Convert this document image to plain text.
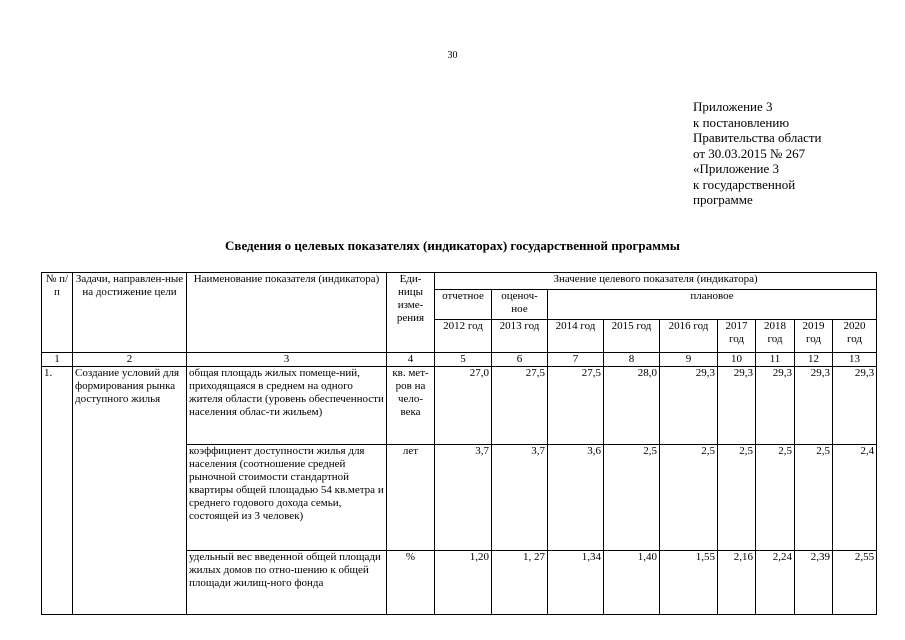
30
Приложение 3
к постановлению
Правительства области
от 30.03.2015 № 267
«Приложение 3
к государственной
программе
Сведения о целевых показателях (индикаторах) государственной программы
№ п/п	Задачи, направлен-ные на достижение цели	Наименование показателя (индикатора)	Еди-ницы изме-рения	Значение целевого показателя (индикатора)								
				отчетное	оценоч-ное	плановое						
				2012 год	2013 год	2014 год	2015 год	2016 год	2017 год	2018 год	2019 год	2020 год
1	2	3	4	5	6	7	8	9	10	11	12	13
1.	Создание условий для формирования рынка доступного жилья	общая площадь жилых помеще-ний, приходящаяся в среднем на одного жителя области (уровень обеспеченности населения облас-ти жильем)	кв. мет-ров на чело-века	27,0	27,5	27,5	28,0	29,3	29,3	29,3	29,3	29,3
		коэффициент доступности жилья для населения (соотношение средней рыночной стоимости стандартной квартиры общей площадью 54 кв.метра и среднего годового дохода семьи, состоящей из 3 человек)	лет	3,7	3,7	3,6	2,5	2,5	2,5	2,5	2,5	2,4
		удельный вес введенной общей площади жилых домов по отно-шению к общей площади жилищ-ного фонда	%	1,20	1, 27	1,34	1,40	1,55	2,16	2,24	2,39	2,55
